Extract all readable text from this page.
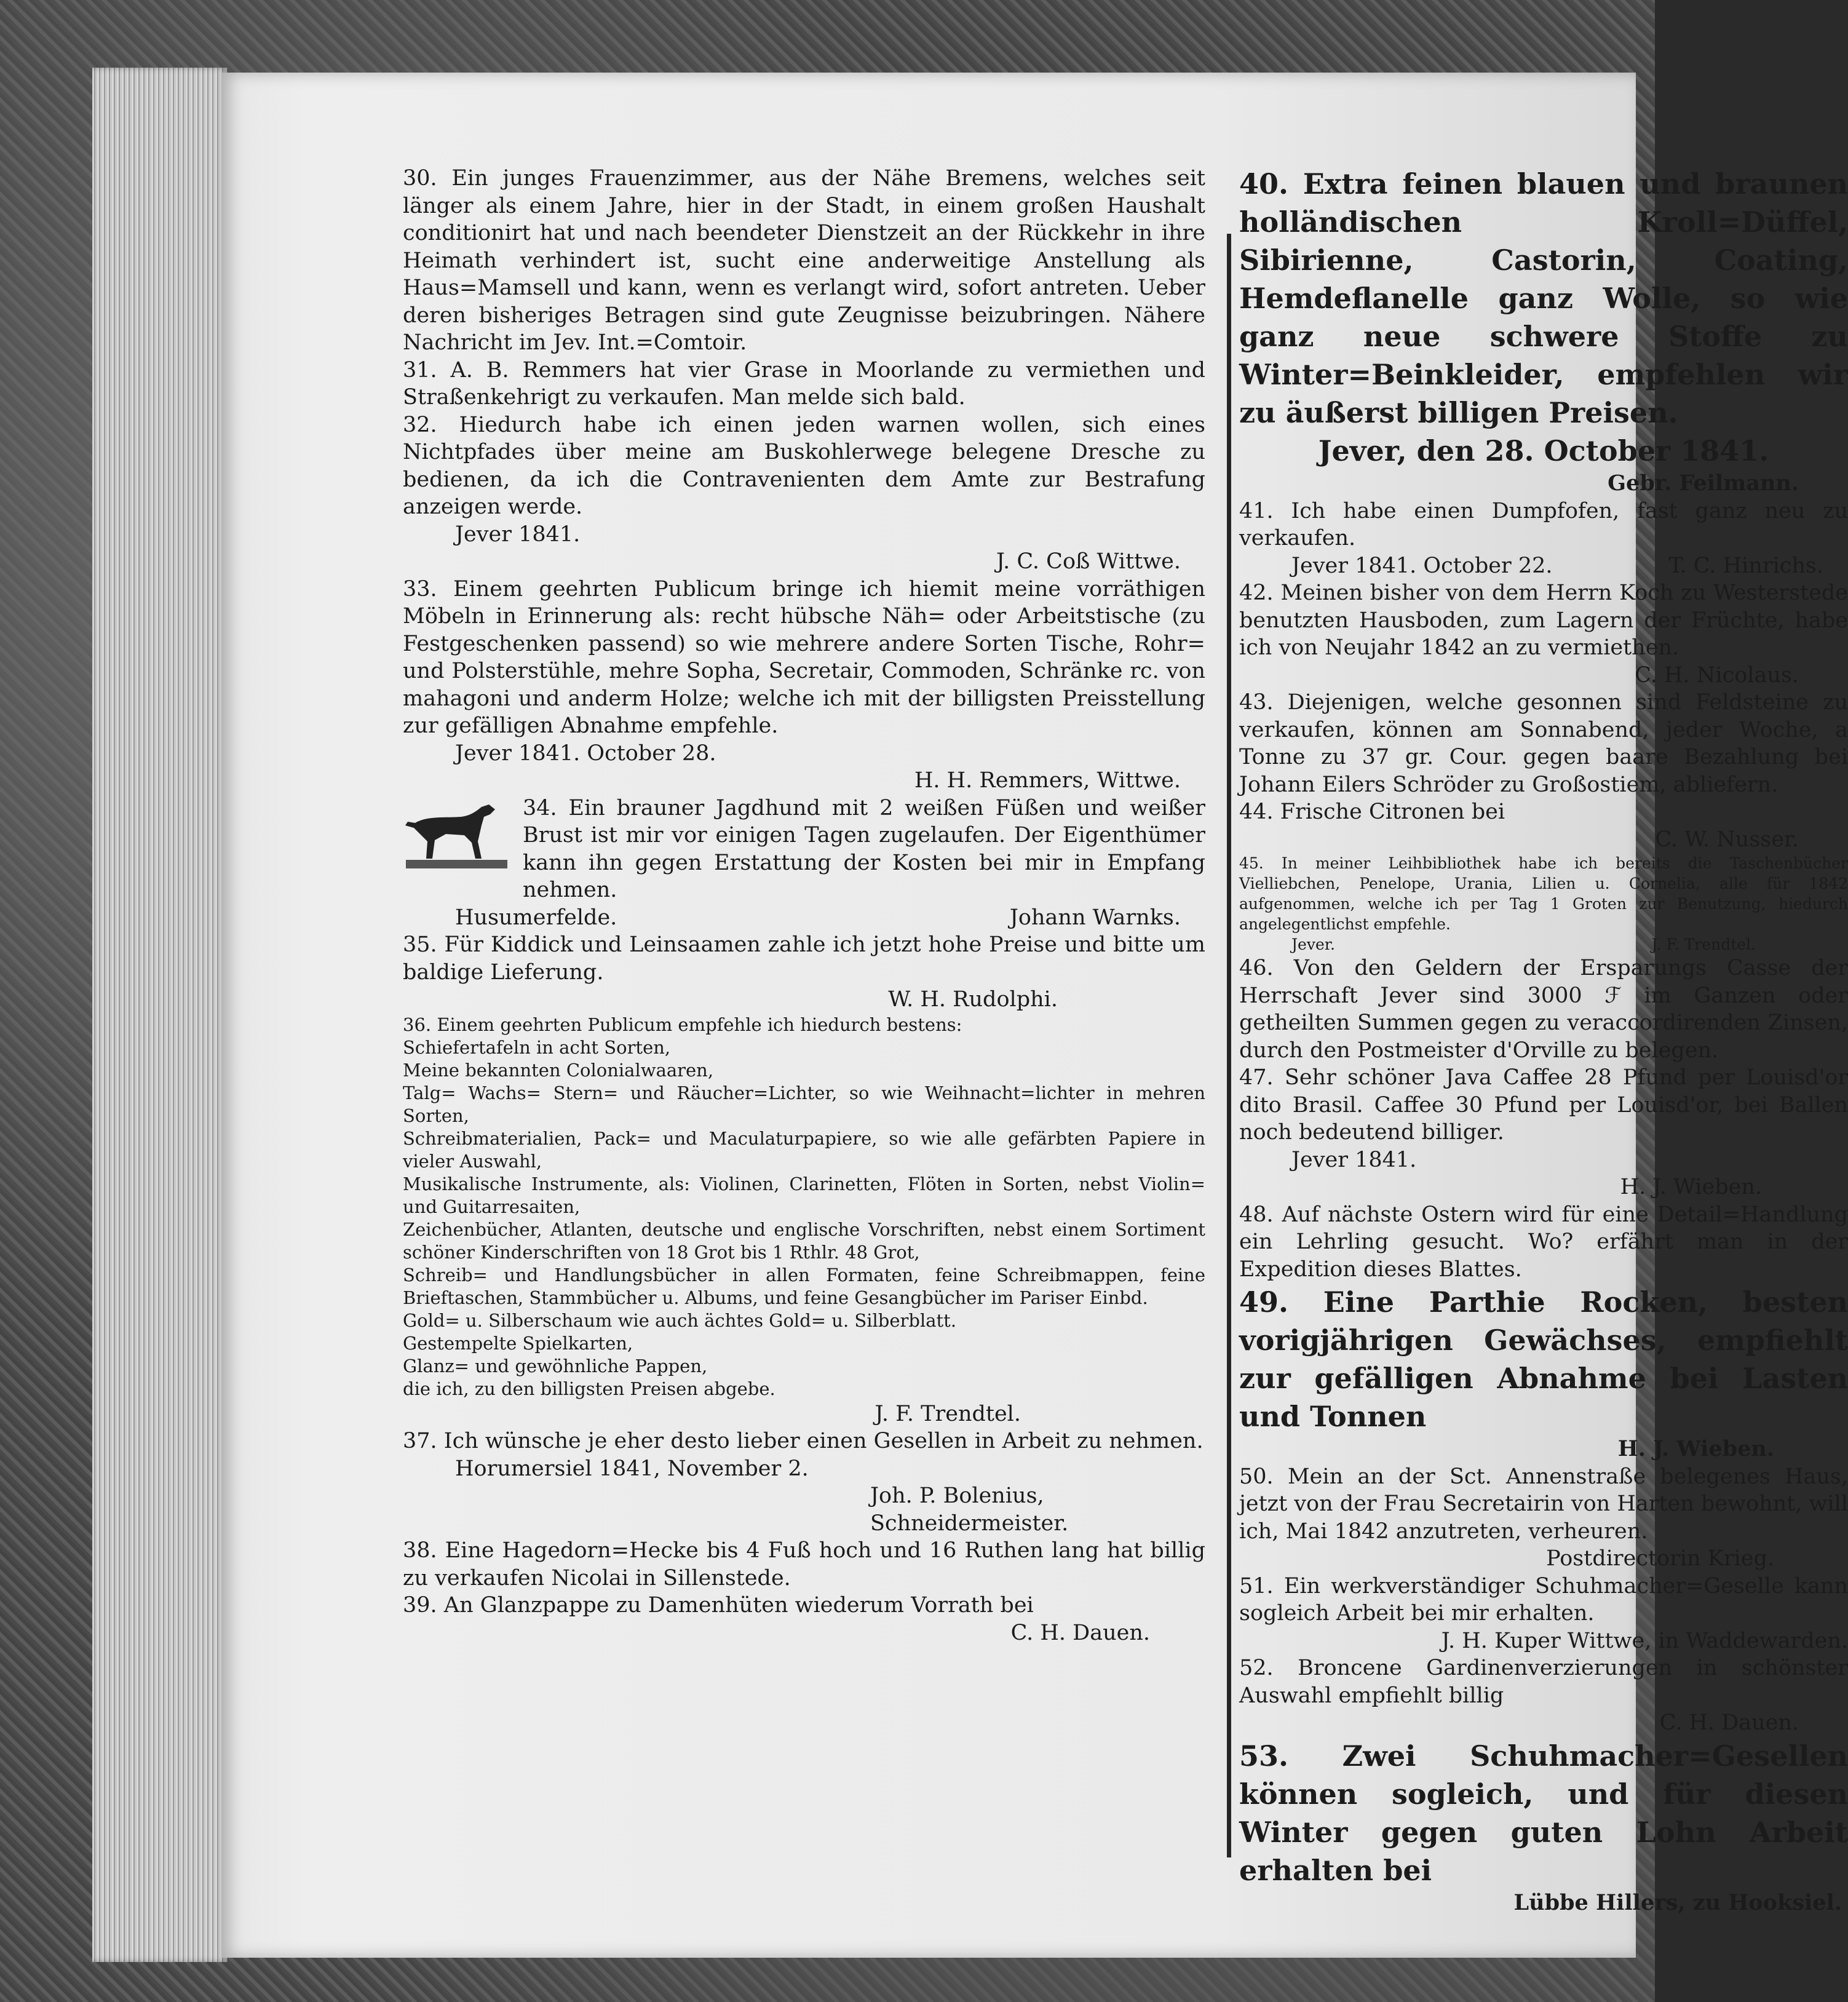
30. Ein junges Frauenzimmer, aus der Nähe Bremens, welches seit länger als einem Jahre, hier in der Stadt, in einem großen Haushalt conditionirt hat und nach beendeter Dienstzeit an der Rückkehr in ihre Heimath verhindert ist, sucht eine anderweitige Anstellung als Haus=Mamsell und kann, wenn es verlangt wird, sofort antreten. Ueber deren bisheriges Betragen sind gute Zeugnisse beizubringen. Nähere Nachricht im Jev. Int.=Comtoir.

31. A. B. Remmers hat vier Grase in Moorlande zu vermiethen und Straßenkehrigt zu verkaufen. Man melde sich bald.

32. Hiedurch habe ich einen jeden warnen wollen, sich eines Nichtpfades über meine am Buskohlerwege belegene Dresche zu bedienen, da ich die Contravenienten dem Amte zur Bestrafung anzeigen werde.

Jever 1841.

J. C. Coß Wittwe.

33. Einem geehrten Publicum bringe ich hiemit meine vorräthigen Möbeln in Erinnerung als: recht hübsche Näh= oder Arbeitstische (zu Festgeschenken passend) so wie mehrere andere Sorten Tische, Rohr= und Polsterstühle, mehre Sopha, Secretair, Commoden, Schränke rc. von mahagoni und anderm Holze; welche ich mit der billigsten Preisstellung zur gefälligen Abnahme empfehle.

Jever 1841. October 28.

H. H. Remmers, Wittwe.

34. Ein brauner Jagdhund mit 2 weißen Füßen und weißer Brust ist mir vor einigen Tagen zugelaufen. Der Eigenthümer kann ihn gegen Erstattung der Kosten bei mir in Empfang nehmen.

Husumerfelde.	Johann Warnks.

35. Für Kiddick und Leinsaamen zahle ich jetzt hohe Preise und bitte um baldige Lieferung.

W. H. Rudolphi.

36. Einem geehrten Publicum empfehle ich hiedurch bestens:

Schiefertafeln in acht Sorten,

Meine bekannten Colonialwaaren,

Talg= Wachs= Stern= und Räucher=Lichter, so wie Weihnacht=lichter in mehren Sorten,

Schreibmaterialien, Pack= und Maculaturpapiere, so wie alle gefärbten Papiere in vieler Auswahl,

Musikalische Instrumente, als: Violinen, Clarinetten, Flöten in Sorten, nebst Violin= und Guitarresaiten,

Zeichenbücher, Atlanten, deutsche und englische Vorschriften, nebst einem Sortiment schöner Kinderschriften von 18 Grot bis 1 Rthlr. 48 Grot,

Schreib= und Handlungsbücher in allen Formaten, feine Schreibmappen, feine Brieftaschen, Stammbücher u. Albums, und feine Gesangbücher im Pariser Einbd.

Gold= u. Silberschaum wie auch ächtes Gold= u. Silberblatt.

Gestempelte Spielkarten,

Glanz= und gewöhnliche Pappen,

die ich, zu den billigsten Preisen abgebe.

J. F. Trendtel.

37. Ich wünsche je eher desto lieber einen Gesellen in Arbeit zu nehmen.

Horumersiel 1841, November 2.

Joh. P. Bolenius,
Schneidermeister.

38. Eine Hagedorn=Hecke bis 4 Fuß hoch und 16 Ruthen lang hat billig zu verkaufen Nicolai in Sillenstede.

39. An Glanzpappe zu Damenhüten wiederum Vorrath bei

C. H. Dauen.

40. Extra feinen blauen und braunen holländischen Kroll=Düffel, Sibirienne, Castorin, Coating, Hemdeflanelle ganz Wolle, so wie ganz neue schwere Stoffe zu Winter=Beinkleider, empfehlen wir zu äußerst billigen Preisen.

Jever, den 28. October 1841.

Gebr. Feilmann.

41. Ich habe einen Dumpfofen, fast ganz neu zu verkaufen.

Jever 1841. October 22.	T. C. Hinrichs.

42. Meinen bisher von dem Herrn Koch zu Westerstede benutzten Hausboden, zum Lagern der Früchte, habe ich von Neujahr 1842 an zu vermiethen.

C. H. Nicolaus.

43. Diejenigen, welche gesonnen sind Feldsteine zu verkaufen, können am Sonnabend, jeder Woche, a Tonne zu 37 gr. Cour. gegen baare Bezahlung bei Johann Eilers Schröder zu Großostiem, abliefern.

44. Frische Citronen bei

C. W. Nusser.

45. In meiner Leihbibliothek habe ich bereits die Taschenbücher Vielliebchen, Penelope, Urania, Lilien u. Cornelia, alle für 1842 aufgenommen, welche ich per Tag 1 Groten zur Benutzung, hiedurch angelegentlichst empfehle.

Jever.	J. F. Trendtel.

46. Von den Geldern der Ersparungs Casse der Herrschaft Jever sind 3000 ℱ im Ganzen oder getheilten Summen gegen zu veraccordirenden Zinsen, durch den Postmeister d'Orville zu belegen.

47. Sehr schöner Java Caffee 28 Pfund per Louisd'or dito Brasil. Caffee 30 Pfund per Louisd'or, bei Ballen noch bedeutend billiger.

Jever 1841.

H. J. Wieben.

48. Auf nächste Ostern wird für eine Detail=Handlung ein Lehrling gesucht. Wo? erfährt man in der Expedition dieses Blattes.

49. Eine Parthie Rocken, besten vorigjährigen Gewächses, empfiehlt zur gefälligen Abnahme bei Lasten und Tonnen

H. J. Wieben.

50. Mein an der Sct. Annenstraße belegenes Haus, jetzt von der Frau Secretairin von Harten bewohnt, will ich, Mai 1842 anzutreten, verheuren.

Postdirectorin Krieg.

51. Ein werkverständiger Schuhmacher=Geselle kann sogleich Arbeit bei mir erhalten.

J. H. Kuper Wittwe, in Waddewarden.

52. Broncene Gardinenverzierungen in schönster Auswahl empfiehlt billig

C. H. Dauen.

53. Zwei Schuhmacher=Gesellen können sogleich, und für diesen Winter gegen guten Lohn Arbeit erhalten bei

Lübbe Hillers, zu Hooksiel.
